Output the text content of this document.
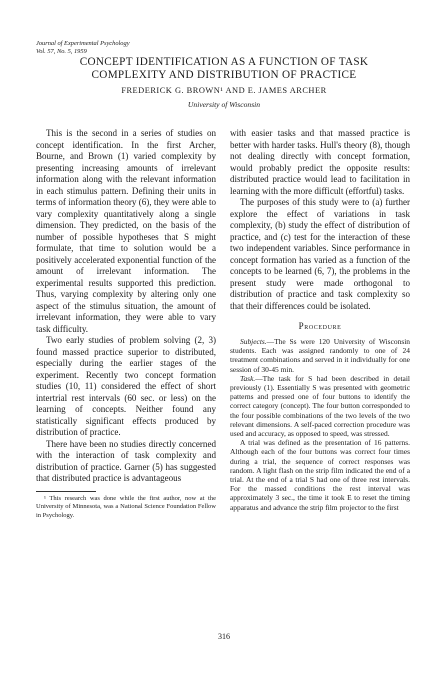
Journal of Experimental Psychology
Vol. 57, No. 5, 1959
CONCEPT IDENTIFICATION AS A FUNCTION OF TASK
COMPLEXITY AND DISTRIBUTION OF PRACTICE
FREDERICK G. BROWN¹ AND E. JAMES ARCHER
University of Wisconsin

This is the second in a series of studies on concept identification. In the first Archer, Bourne, and Brown (1) varied complexity by presenting increasing amounts of irrelevant information along with the relevant information in each stimulus pattern. Defining their units in terms of information theory (6), they were able to vary complexity quantitatively along a single dimension. They predicted, on the basis of the number of possible hypotheses that S might formulate, that time to solution would be a positively accelerated exponential function of the amount of irrelevant information. The experimental results supported this prediction. Thus, varying complexity by altering only one aspect of the stimulus situation, the amount of irrelevant information, they were able to vary task difficulty.

Two early studies of problem solving (2, 3) found massed practice superior to distributed, especially during the earlier stages of the experiment. Recently two concept formation studies (10, 11) considered the effect of short intertrial rest intervals (60 sec. or less) on the learning of concepts. Neither found any statistically significant effects produced by distribution of practice.

There have been no studies directly concerned with the interaction of task complexity and distribution of practice. Garner (5) has suggested that distributed practice is advantageous

¹ This research was done while the first author, now at the University of Minnesota, was a National Science Foundation Fellow in Psychology.

with easier tasks and that massed practice is better with harder tasks. Hull's theory (8), though not dealing directly with concept formation, would probably predict the opposite results: distributed practice would lead to facilitation in learning with the more difficult (effortful) tasks.

The purposes of this study were to (a) further explore the effect of variations in task complexity, (b) study the effect of distribution of practice, and (c) test for the interaction of these two independent variables. Since performance in concept formation has varied as a function of the concepts to be learned (6, 7), the problems in the present study were made orthogonal to distribution of practice and task complexity so that their differences could be isolated.

Procedure

Subjects.—The Ss were 120 University of Wisconsin students. Each was assigned randomly to one of 24 treatment combinations and served in it individually for one session of 30-45 min.

Task.—The task for S had been described in detail previously (1). Essentially S was presented with geometric patterns and pressed one of four buttons to identify the correct category (concept). The four button corresponded to the four possible combinations of the two levels of the two relevant dimensions. A self-paced correction procedure was used and accuracy, as opposed to speed, was stressed.

A trial was defined as the presentation of 16 patterns. Although each of the four buttons was correct four times during a trial, the sequence of correct responses was random. A light flash on the strip film indicated the end of a trial. At the end of a trial S had one of three rest intervals. For the massed conditions the rest interval was approximately 3 sec., the time it took E to reset the timing apparatus and advance the strip film projector to the first

316
